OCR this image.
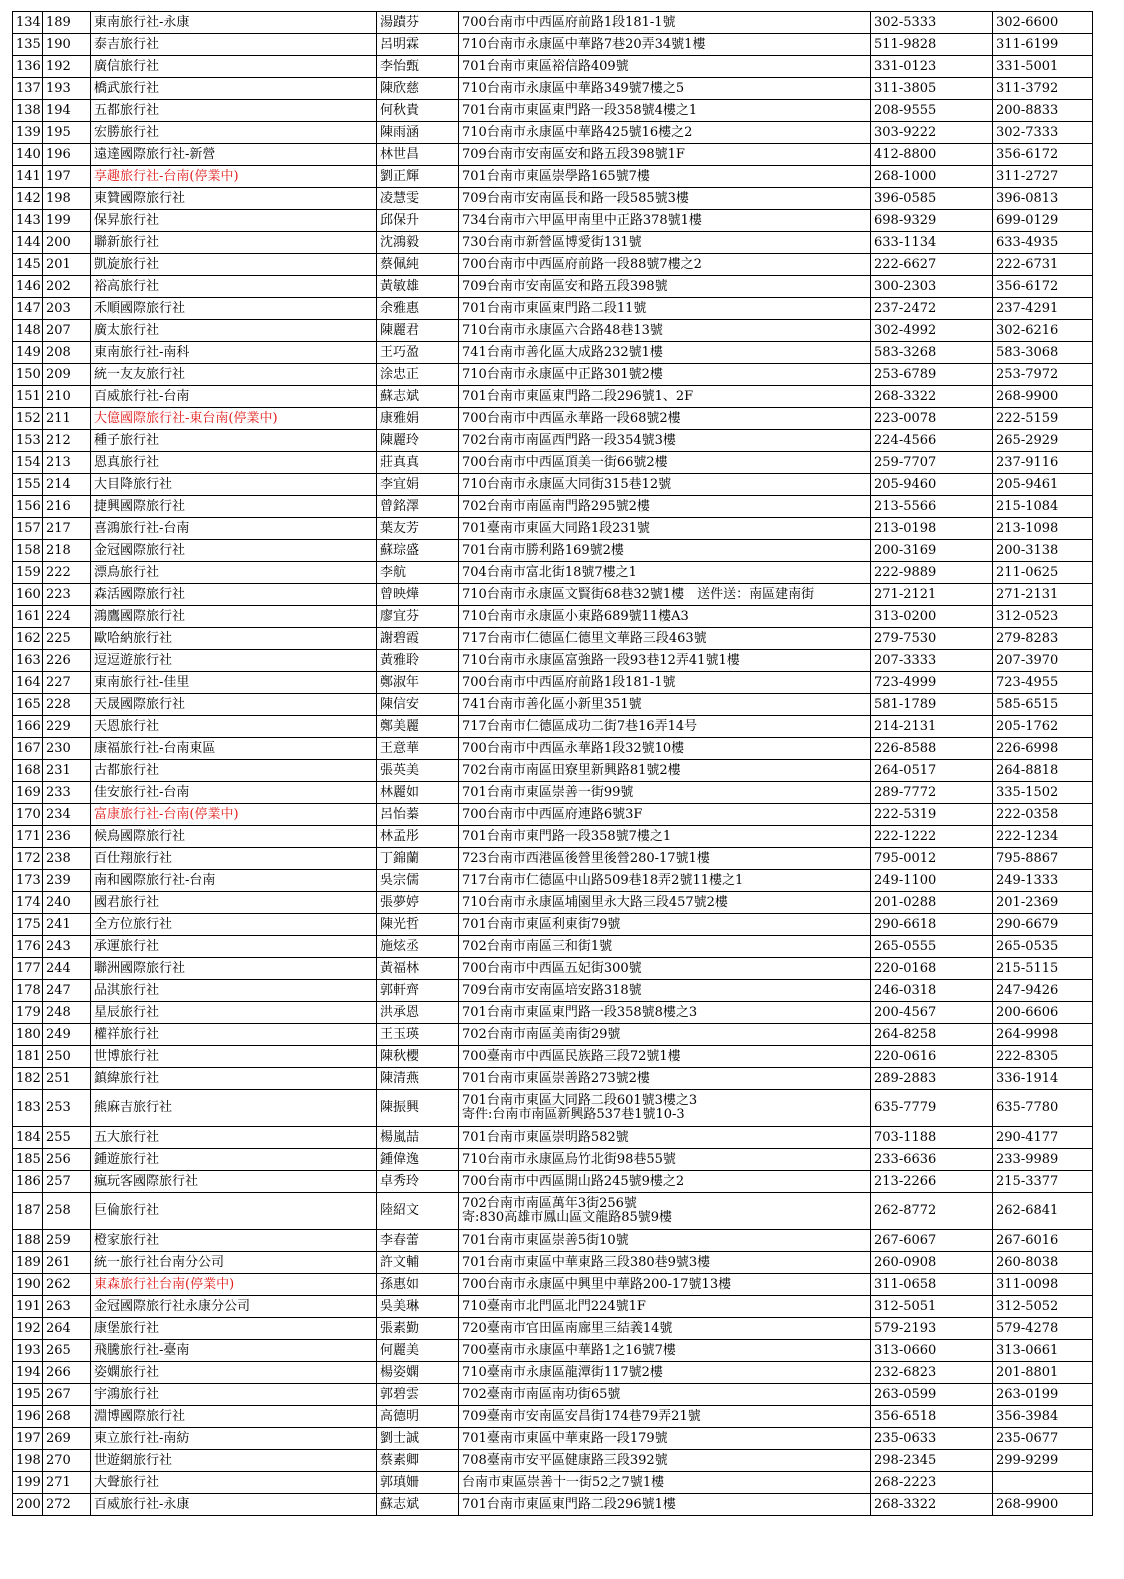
134	189	東南旅行社-永康	湯蹟芬	700台南市中西區府前路1段181-1號	302-5333	302-6600
135	190	泰吉旅行社	呂明霖	710台南市永康區中華路7巷20弄34號1樓	511-9828	311-6199
136	192	廣信旅行社	李怡甄	701台南市東區裕信路409號	331-0123	331-5001
137	193	橋武旅行社	陳欣慈	710台南市永康區中華路349號7樓之5	311-3805	311-3792
138	194	五都旅行社	何秋貴	701台南市東區東門路一段358號4樓之1	208-9555	200-8833
139	195	宏勝旅行社	陳雨涵	710台南市永康區中華路425號16樓之2	303-9222	302-7333
140	196	遠達國際旅行社-新營	林世昌	709台南市安南區安和路五段398號1F	412-8800	356-6172
141	197	享趣旅行社-台南(停業中)	劉正輝	701台南市東區崇學路165號7樓	268-1000	311-2727
142	198	東贊國際旅行社	凌慧雯	709台南市安南區長和路一段585號3樓	396-0585	396-0813
143	199	保昇旅行社	邱保升	734台南市六甲區甲南里中正路378號1樓	698-9329	699-0129
144	200	聯新旅行社	沈鴻毅	730台南市新營區博愛街131號	633-1134	633-4935
145	201	凱旋旅行社	蔡佩純	700台南市中西區府前路一段88號7樓之2	222-6627	222-6731
146	202	裕高旅行社	黃敏雄	709台南市安南區安和路五段398號	300-2303	356-6172
147	203	禾順國際旅行社	余雅惠	701台南市東區東門路二段11號	237-2472	237-4291
148	207	廣太旅行社	陳麗君	710台南市永康區六合路48巷13號	302-4992	302-6216
149	208	東南旅行社-南科	王巧盈	741台南市善化區大成路232號1樓	583-3268	583-3068
150	209	統一友友旅行社	涂忠正	710台南市永康區中正路301號2樓	253-6789	253-7972
151	210	百威旅行社-台南	蘇志斌	701台南市東區東門路二段296號1、2F	268-3322	268-9900
152	211	大億國際旅行社-東台南(停業中)	康雅娟	700台南市中西區永華路一段68號2樓	223-0078	222-5159
153	212	種子旅行社	陳麗玲	702台南市南區西門路一段354號3樓	224-4566	265-2929
154	213	恩真旅行社	莊真真	700台南市中西區頂美一街66號2樓	259-7707	237-9116
155	214	大目降旅行社	李宜娟	710台南市永康區大同街315巷12號	205-9460	205-9461
156	216	捷興國際旅行社	曾銘澤	702台南市南區南門路295號2樓	213-5566	215-1084
157	217	喜鴻旅行社-台南	葉友芳	701臺南市東區大同路1段231號	213-0198	213-1098
158	218	金冠國際旅行社	蘇琮盛	701台南市勝利路169號2樓	200-3169	200-3138
159	222	漂鳥旅行社	李航	704台南市富北街18號7樓之1	222-9889	211-0625
160	223	森活國際旅行社	曾映燁	710台南市永康區文賢街68巷32號1樓　送件送：南區建南街	271-2121	271-2131
161	224	鴻鷹國際旅行社	廖宜芬	710台南市永康區小東路689號11樓A3	313-0200	312-0523
162	225	歐哈納旅行社	謝碧霞	717台南市仁德區仁德里文華路三段463號	279-7530	279-8283
163	226	逗逗遊旅行社	黃雅聆	710台南市永康區富強路一段93巷12弄41號1樓	207-3333	207-3970
164	227	東南旅行社-佳里	鄭淑年	700台南市中西區府前路1段181-1號	723-4999	723-4955
165	228	天晟國際旅行社	陳信安	741台南市善化區小新里351號	581-1789	585-6515
166	229	天恩旅行社	鄭美麗	717台南市仁德區成功二街7巷16弄14号	214-2131	205-1762
167	230	康福旅行社-台南東區	王意華	700台南市中西區永華路1段32號10樓	226-8588	226-6998
168	231	古都旅行社	張英美	702台南市南區田寮里新興路81號2樓	264-0517	264-8818
169	233	佳安旅行社-台南	林麗如	701台南市東區崇善一街99號	289-7772	335-1502
170	234	富康旅行社-台南(停業中)	呂怡蓁	700台南市中西區府連路6號3F	222-5319	222-0358
171	236	候鳥國際旅行社	林孟彤	701台南市東門路一段358號7樓之1	222-1222	222-1234
172	238	百仕翔旅行社	丁錦蘭	723台南市西港區後營里後營280-17號1樓	795-0012	795-8867
173	239	南和國際旅行社-台南	吳宗儒	717台南市仁德區中山路509巷18弄2號11樓之1	249-1100	249-1333
174	240	國君旅行社	張夢婷	710台南市永康區埔園里永大路三段457號2樓	201-0288	201-2369
175	241	全方位旅行社	陳光哲	701台南市東區利東街79號	290-6618	290-6679
176	243	承運旅行社	施炫丞	702台南市南區三和街1號	265-0555	265-0535
177	244	聯洲國際旅行社	黃福林	700台南市中西區五妃街300號	220-0168	215-5115
178	247	品淇旅行社	郭軒齊	709台南市安南區培安路318號	246-0318	247-9426
179	248	星辰旅行社	洪承恩	701台南市東區東門路一段358號8樓之3	200-4567	200-6606
180	249	權祥旅行社	王玉瑛	702台南市南區美南街29號	264-8258	264-9998
181	250	世博旅行社	陳秋櫻	700臺南市中西區民族路三段72號1樓	220-0616	222-8305
182	251	鎮緯旅行社	陳清燕	701台南市東區崇善路273號2樓	289-2883	336-1914
183	253	熊麻吉旅行社	陳振興	701台南市東區大同路二段601號3樓之3
寄件:台南市南區新興路537巷1號10-3	635-7779	635-7780
184	255	五大旅行社	楊嵐喆	701台南市東區崇明路582號	703-1188	290-4177
185	256	鍾遊旅行社	鍾偉逸	710台南市永康區烏竹北街98巷55號	233-6636	233-9989
186	257	瘋玩客國際旅行社	卓秀玲	700台南市中西區開山路245號9樓之2	213-2266	215-3377
187	258	巨倫旅行社	陸紹文	702台南市南區萬年3街256號
寄:830高雄市鳳山區文龍路85號9樓	262-8772	262-6841
188	259	橙家旅行社	李春蕾	701台南市東區崇善5街10號	267-6067	267-6016
189	261	統一旅行社台南分公司	許文輔	701台南市東區中華東路三段380巷9號3樓	260-0908	260-8038
190	262	東森旅行社台南(停業中)	孫惠如	700台南市永康區中興里中華路200-17號13樓	311-0658	311-0098
191	263	金冠國際旅行社永康分公司	吳美琳	710臺南市北門區北門224號1F	312-5051	312-5052
192	264	康堡旅行社	張素勤	720臺南市官田區南廍里三結義14號	579-2193	579-4278
193	265	飛騰旅行社-臺南	何麗美	700臺南市永康區中華路1之16號7樓	313-0660	313-0661
194	266	姿嫻旅行社	楊姿嫻	710臺南市永康區龍潭街117號2樓	232-6823	201-8801
195	267	宇鴻旅行社	郭碧雲	702臺南市南區南功街65號	263-0599	263-0199
196	268	淵博國際旅行社	高德明	709臺南市安南區安昌街174巷79弄21號	356-6518	356-3984
197	269	東立旅行社-南紡	劉士誠	701臺南市東區中華東路一段179號	235-0633	235-0677
198	270	世遊網旅行社	蔡素卿	708臺南市安平區健康路三段392號	298-2345	299-9299
199	271	大聲旅行社	郭瑱姍	台南市東區崇善十一街52之7號1樓	268-2223	
200	272	百威旅行社-永康	蘇志斌	701台南市東區東門路二段296號1樓	268-3322	268-9900
